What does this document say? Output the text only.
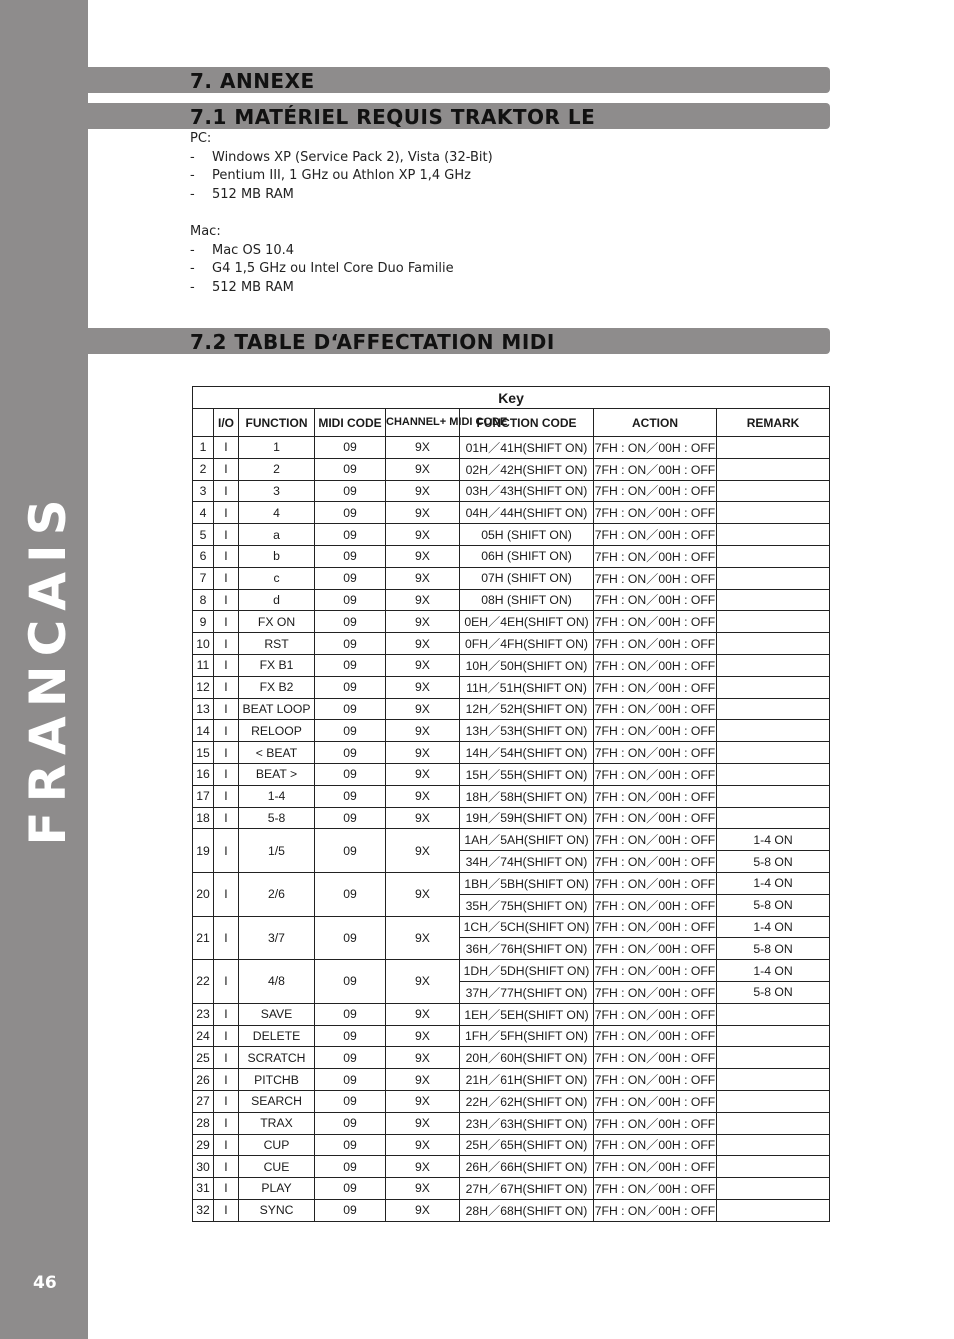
FRANCAIS
46
7. ANNEXE
7.1 MATÉRIEL REQUIS TRAKTOR LE
PC:
- Windows XP (Service Pack 2), Vista (32-Bit)
- Pentium III, 1 GHz ou Athlon XP 1,4 GHz
- 512 MB RAM
Mac:
- Mac OS 10.4
- G4 1,5 GHz ou Intel Core Duo Familie
- 512 MB RAM
7.2 TABLE D‘AFFECTATION MIDI
Key							
	I/O	FUNCTION	MIDI CODE	CHANNEL+ MIDI CODE	FUNCTION CODE	ACTION	REMARK
1	I	1	09	9X	01H／41H(SHIFT ON)	7FH : ON／00H : OFF	
2	I	2	09	9X	02H／42H(SHIFT ON)	7FH : ON／00H : OFF	
3	I	3	09	9X	03H／43H(SHIFT ON)	7FH : ON／00H : OFF	
4	I	4	09	9X	04H／44H(SHIFT ON)	7FH : ON／00H : OFF	
5	I	a	09	9X	05H (SHIFT ON)	7FH : ON／00H : OFF	
6	I	b	09	9X	06H (SHIFT ON)	7FH : ON／00H : OFF	
7	I	c	09	9X	07H (SHIFT ON)	7FH : ON／00H : OFF	
8	I	d	09	9X	08H (SHIFT ON)	7FH : ON／00H : OFF	
9	I	FX ON	09	9X	0EH／4EH(SHIFT ON)	7FH : ON／00H : OFF	
10	I	RST	09	9X	0FH／4FH(SHIFT ON)	7FH : ON／00H : OFF	
11	I	FX B1	09	9X	10H／50H(SHIFT ON)	7FH : ON／00H : OFF	
12	I	FX B2	09	9X	11H／51H(SHIFT ON)	7FH : ON／00H : OFF	
13	I	BEAT LOOP	09	9X	12H／52H(SHIFT ON)	7FH : ON／00H : OFF	
14	I	RELOOP	09	9X	13H／53H(SHIFT ON)	7FH : ON／00H : OFF	
15	I	< BEAT	09	9X	14H／54H(SHIFT ON)	7FH : ON／00H : OFF	
16	I	BEAT >	09	9X	15H／55H(SHIFT ON)	7FH : ON／00H : OFF	
17	I	1-4	09	9X	18H／58H(SHIFT ON)	7FH : ON／00H : OFF	
18	I	5-8	09	9X	19H／59H(SHIFT ON)	7FH : ON／00H : OFF	
19	I	1/5	09	9X	1AH／5AH(SHIFT ON)	7FH : ON／00H : OFF	1-4 ON
					34H／74H(SHIFT ON)	7FH : ON／00H : OFF	5-8 ON
20	I	2/6	09	9X	1BH／5BH(SHIFT ON)	7FH : ON／00H : OFF	1-4 ON
					35H／75H(SHIFT ON)	7FH : ON／00H : OFF	5-8 ON
21	I	3/7	09	9X	1CH／5CH(SHIFT ON)	7FH : ON／00H : OFF	1-4 ON
					36H／76H(SHIFT ON)	7FH : ON／00H : OFF	5-8 ON
22	I	4/8	09	9X	1DH／5DH(SHIFT ON)	7FH : ON／00H : OFF	1-4 ON
					37H／77H(SHIFT ON)	7FH : ON／00H : OFF	5-8 ON
23	I	SAVE	09	9X	1EH／5EH(SHIFT ON)	7FH : ON／00H : OFF	
24	I	DELETE	09	9X	1FH／5FH(SHIFT ON)	7FH : ON／00H : OFF	
25	I	SCRATCH	09	9X	20H／60H(SHIFT ON)	7FH : ON／00H : OFF	
26	I	PITCHB	09	9X	21H／61H(SHIFT ON)	7FH : ON／00H : OFF	
27	I	SEARCH	09	9X	22H／62H(SHIFT ON)	7FH : ON／00H : OFF	
28	I	TRAX	09	9X	23H／63H(SHIFT ON)	7FH : ON／00H : OFF	
29	I	CUP	09	9X	25H／65H(SHIFT ON)	7FH : ON／00H : OFF	
30	I	CUE	09	9X	26H／66H(SHIFT ON)	7FH : ON／00H : OFF	
31	I	PLAY	09	9X	27H／67H(SHIFT ON)	7FH : ON／00H : OFF	
32	I	SYNC	09	9X	28H／68H(SHIFT ON)	7FH : ON／00H : OFF	
